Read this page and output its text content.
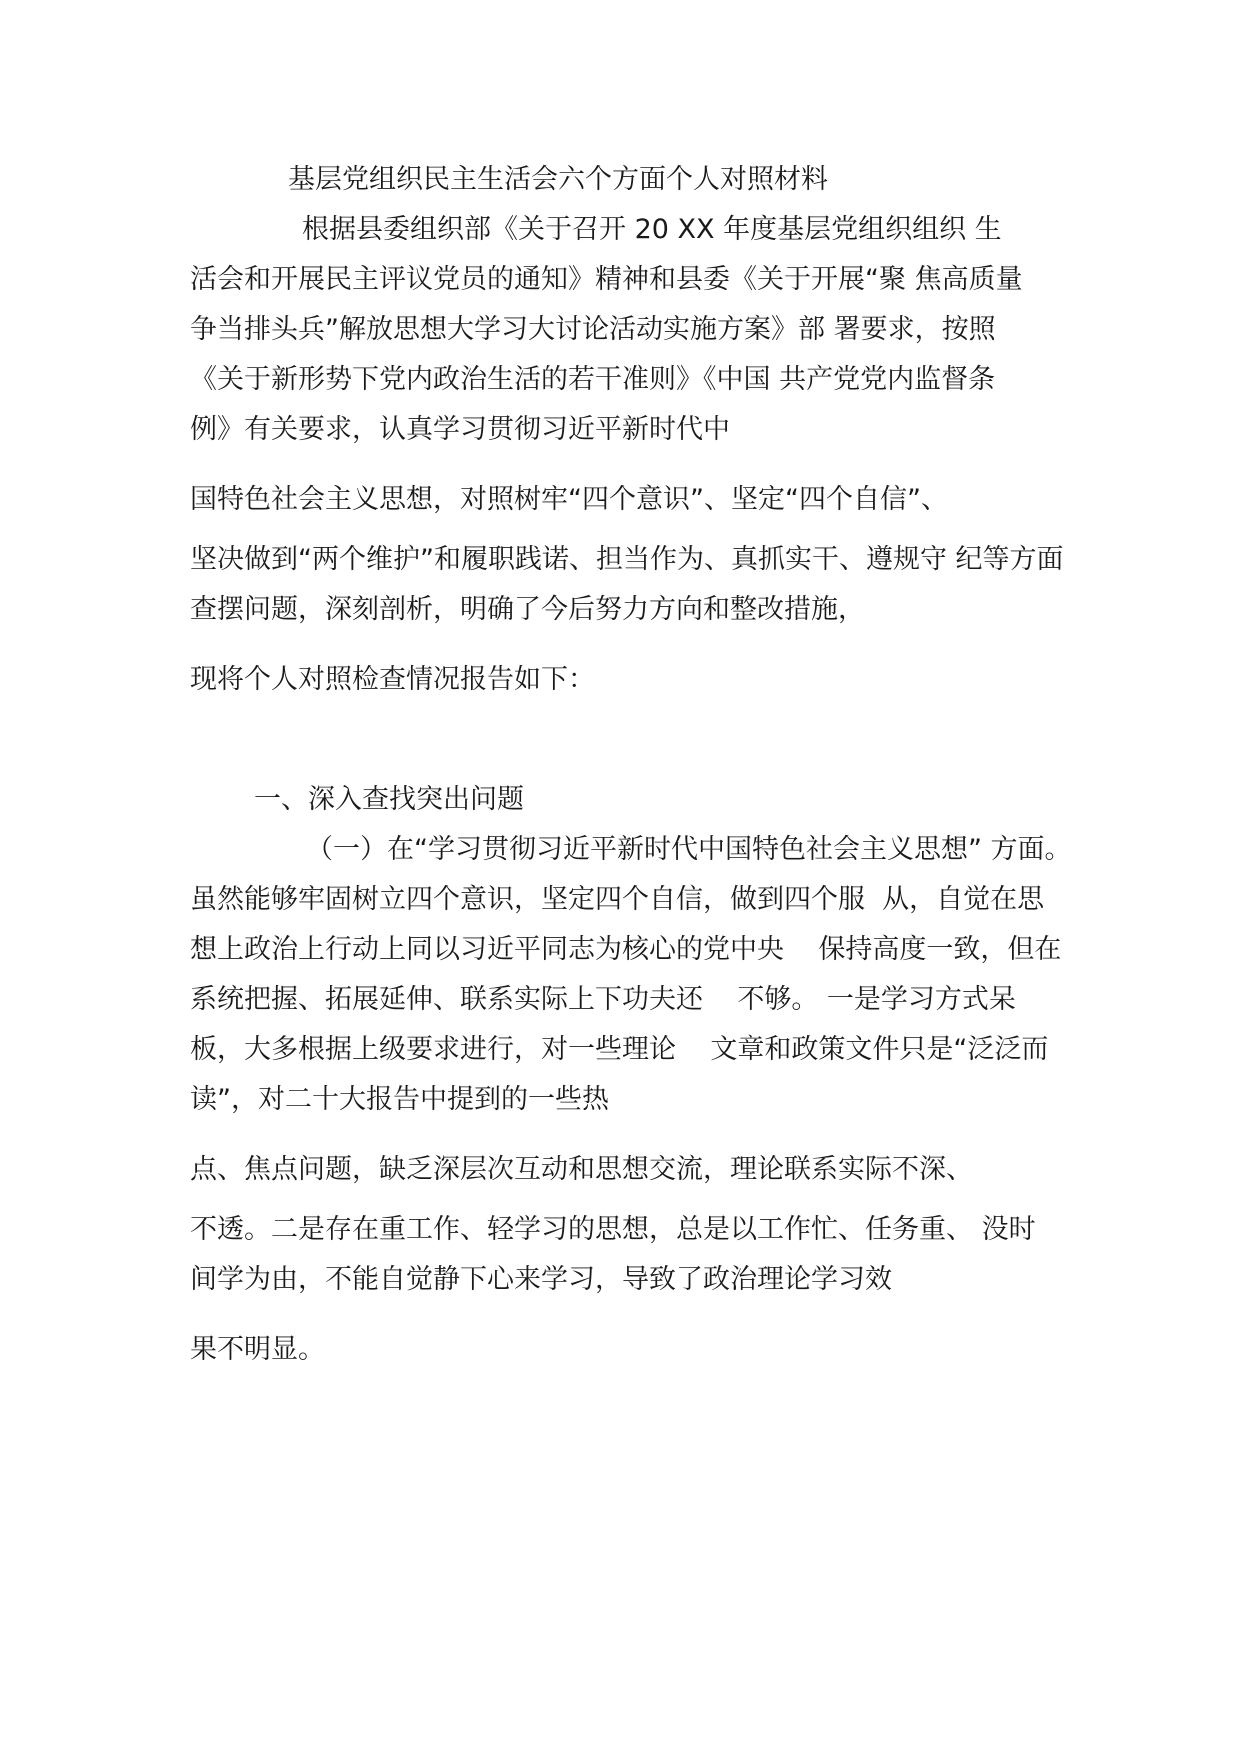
基层党组织民主生活会六个方面个人对照材料
根据县委组织部《关于召开 20 XX 年度基层党组织组织 生
活会和开展民主评议党员的通知》精神和县委《关于开展“聚 焦高质量
争当排头兵”解放思想大学习大讨论活动实施方案》部 署要求，按照
《关于新形势下党内政治生活的若干准则》《中国 共产党党内监督条
例》有关要求，认真学习贯彻习近平新时代中
国特色社会主义思想，对照树牢“四个意识”、坚定“四个自信”、
坚决做到“两个维护”和履职践诺、担当作为、真抓实干、遵规守 纪等方面
查摆问题，深刻剖析，明确了今后努力方向和整改措施，
现将个人对照检查情况报告如下：
一、深入查找突出问题
（一）在“学习贯彻习近平新时代中国特色社会主义思想” 方面。
虽然能够牢固树立四个意识，坚定四个自信，做到四个服  从，自觉在思
想上政治上行动上同以习近平同志为核心的党中央    保持高度一致，但在
系统把握、拓展延伸、联系实际上下功夫还    不够。 一是学习方式呆
板，大多根据上级要求进行，对一些理论    文章和政策文件只是“泛泛而
读”，对二十大报告中提到的一些热
点、焦点问题，缺乏深层次互动和思想交流，理论联系实际不深、
不透。二是存在重工作、轻学习的思想，总是以工作忙、任务重、 没时
间学为由，不能自觉静下心来学习，导致了政治理论学习效
果不明显。
